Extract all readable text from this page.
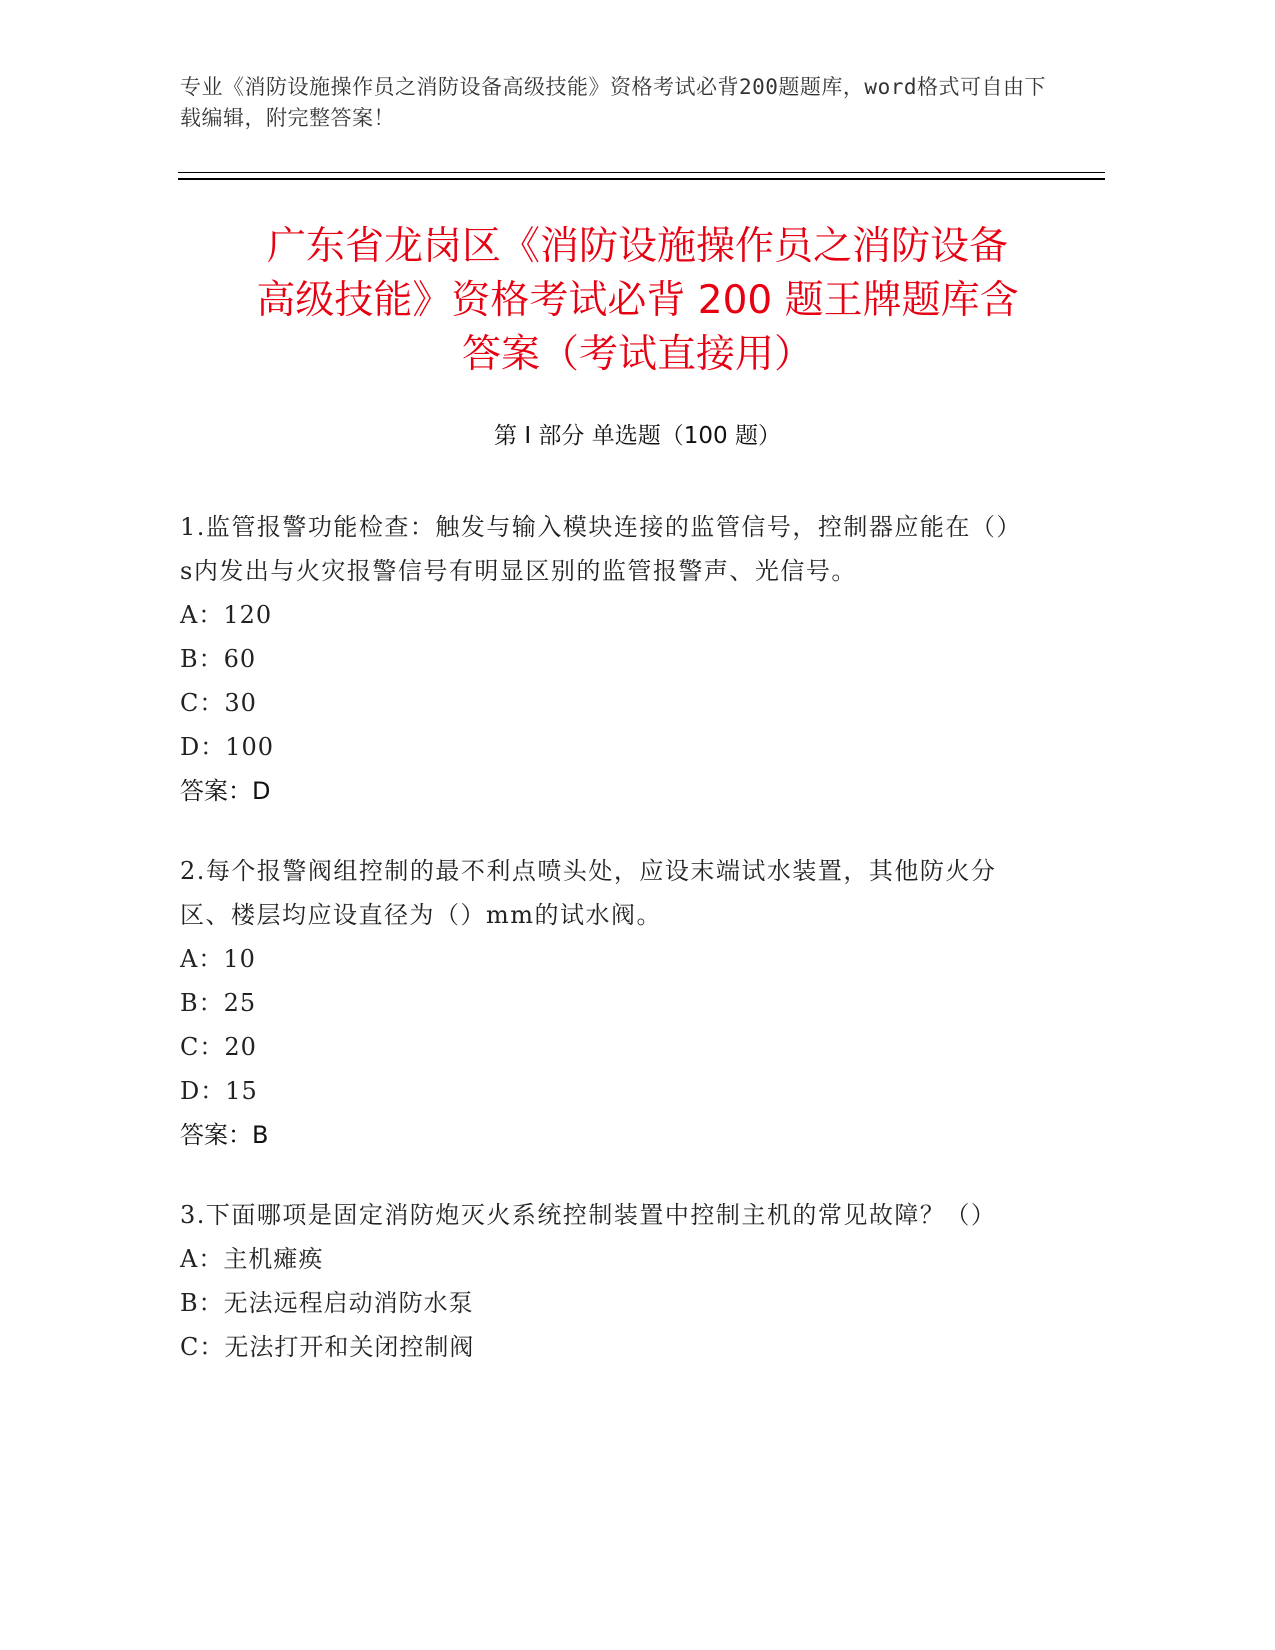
专业《消防设施操作员之消防设备高级技能》资格考试必背200题题库，word格式可自由下载编辑，附完整答案！
广东省龙岗区《消防设施操作员之消防设备
高级技能》资格考试必背 200 题王牌题库含
答案（考试直接用）
第 I 部分 单选题（100 题）
1.监管报警功能检查：触发与输入模块连接的监管信号，控制器应能在（）s内发出与火灾报警信号有明显区别的监管报警声、光信号。
A：120
B：60
C：30
D：100
答案：D
2.每个报警阀组控制的最不利点喷头处，应设末端试水装置，其他防火分区、楼层均应设直径为（）mm的试水阀。
A：10
B：25
C：20
D：15
答案：B
3.下面哪项是固定消防炮灭火系统控制装置中控制主机的常见故障？（）
A：主机瘫痪
B：无法远程启动消防水泵
C：无法打开和关闭控制阀
